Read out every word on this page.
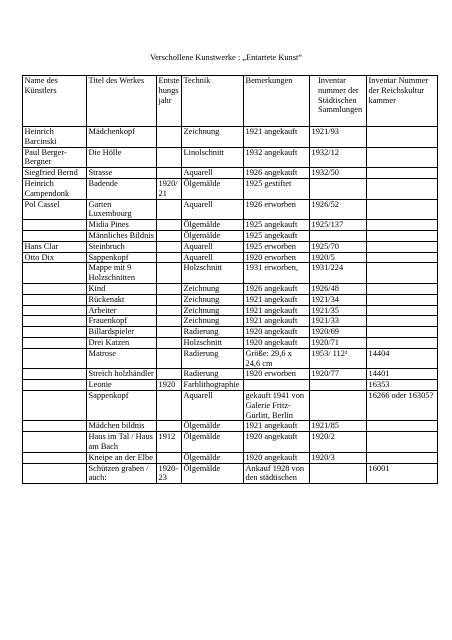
Verschollene Kunstwerke : „Entartete Kunst“
Name des Künstlers	Titel des Werkes	Entstehungsjahr	Technik	Bemerkungen	Inventar nummer der Städtischen Sammlungen	Inventar Nummer der Reichskultur kammer
Heinrich Barcinski	Mädchenkopf		Zeichnung	1921 angekauft	1921/93	
Paul Berger-Bergner	Die Hölle		Linolschnitt	1932 angekauft	1932/12	
Siegfried Bernd	Strasse		Aquarell	1926 angekauft	1932/50	
Heinrich Campendonk	Badende	1920/ 21	Ölgemälde	1925 gestiftet		
Pol Cassel	Garten Luxembourg		Aquarell	1926 erworben	1926/52	
	Midia Pines		Ölgemälde	1925 angekauft	1925/137	
	Männliches Bildnis		Ölgemälde	1925 angekauft		
Hans Clar	Steinbruch		Aquarell	1925 erworben	1925/70	
Otto Dix	Sappenkopf		Aquarell	1920 erworben	1920/5	
	Mappe mit 9 Holzschnitten		Holzschnitt	1931 erworben,	1931/224	
	Kind		Zeichnung	1926 angekauft	1926/48	
	Rückenakt		Zeichnung	1921 angekauft	1921/34	
	Arbeiter		Zeichnung	1921 angekauft	1921/35	
	Frauenkopf		Zeichnung	1921 angekauft	1921/33	
	Billardspieler		Radierung	1920 angekauft	1920/69	
	Drei Katzen		Holzschnitt	1920 angekauft	1920/71	
	Matrose		Radierung	Größe: 29,6 x 24,6 cm	1953/ 112²	14404
	Streich holzhändler		Radierung	1920 erworben	1920/77	14401
	Leonie	1920	Farblithographie			16353
	Sappenkopf		Aquarell	gekauft 1941 von Galerie Fritz-Gurlitt, Berlin		16266 oder 16305?
	Mädchen bildnis		Ölgemälde	1921 angekauft	1921/85	
	Haus im Tal / Haus am Bach	1912	Ölgemälde	1920 angekauft	1920/2	
	Kneipe an der Elbe		Ölgemälde	1920 angekauft	1920/3	
	Schützen graben / auch:	1920-23	Ölgemälde	Ankauf 1928 von den städtischen		16001
